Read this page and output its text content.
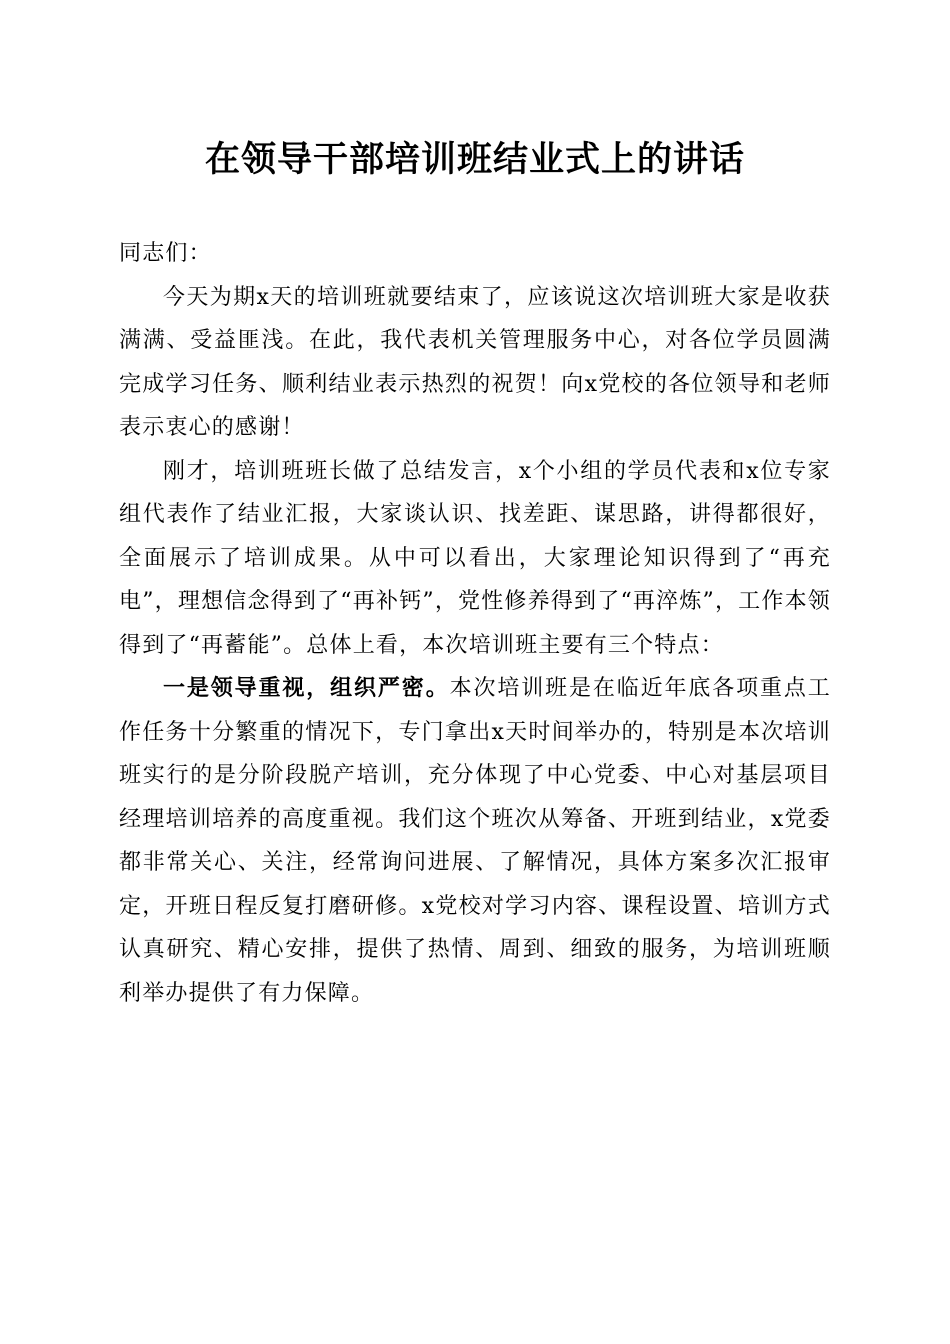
在领导干部培训班结业式上的讲话

同志们：

今天为期x天的培训班就要结束了，应该说这次培训班大家是收获满满、受益匪浅。在此，我代表机关管理服务中心，对各位学员圆满完成学习任务、顺利结业表示热烈的祝贺！向x党校的各位领导和老师表示衷心的感谢！

刚才，培训班班长做了总结发言，x个小组的学员代表和x位专家组代表作了结业汇报，大家谈认识、找差距、谋思路，讲得都很好，全面展示了培训成果。从中可以看出，大家理论知识得到了“再充电”，理想信念得到了“再补钙”，党性修养得到了“再淬炼”，工作本领得到了“再蓄能”。总体上看，本次培训班主要有三个特点：

一是领导重视，组织严密。本次培训班是在临近年底各项重点工作任务十分繁重的情况下，专门拿出x天时间举办的，特别是本次培训班实行的是分阶段脱产培训，充分体现了中心党委、中心对基层项目经理培训培养的高度重视。我们这个班次从筹备、开班到结业，x党委都非常关心、关注，经常询问进展、了解情况，具体方案多次汇报审定，开班日程反复打磨研修。x党校对学习内容、课程设置、培训方式认真研究、精心安排，提供了热情、周到、细致的服务，为培训班顺利举办提供了有力保障。
